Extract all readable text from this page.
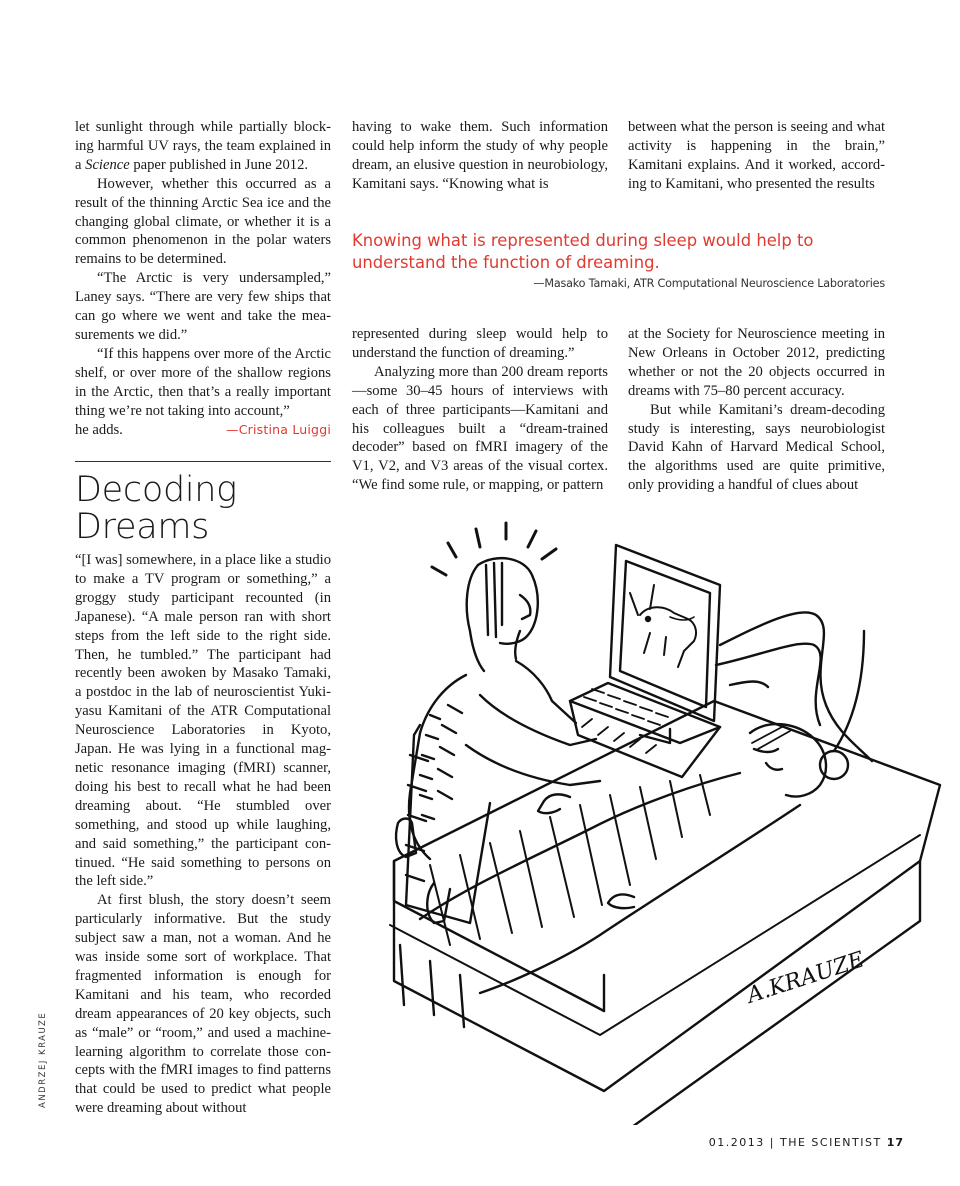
let sunlight through while partially blocking harmful UV rays, the team explained in a Science paper published in June 2012.

However, whether this occurred as a result of the thinning Arctic Sea ice and the changing global climate, or whether it is a common phenomenon in the polar waters remains to be determined.

“The Arctic is very undersampled,” Laney says. “There are very few ships that can go where we went and take the measurements we did.”

“If this happens over more of the Arctic shelf, or over more of the shallow regions in the Arctic, then that’s a really important thing we’re not taking into account,”

he adds.	—Cristina Luiggi
Decoding
Dreams

“[I was] somewhere, in a place like a studio to make a TV program or something,” a groggy study participant recounted (in Japanese). “A male person ran with short steps from the left side to the right side. Then, he tumbled.” The participant had recently been awoken by Masako Tamaki, a postdoc in the lab of neuroscientist Yukiyasu Kamitani of the ATR Computational Neuroscience Laboratories in Kyoto, Japan. He was lying in a functional magnetic resonance imaging (fMRI) scanner, doing his best to recall what he had been dreaming about. “He stumbled over something, and stood up while laughing, and said something,” the participant continued. “He said something to persons on the left side.”

At first blush, the story doesn’t seem particularly informative. But the study subject saw a man, not a woman. And he was inside some sort of workplace. That fragmented information is enough for Kamitani and his team, who recorded dream appearances of 20 key objects, such as “male” or “room,” and used a machine-learning algorithm to correlate those concepts with the fMRI images to find patterns that could be used to predict what people were dreaming about without

having to wake them. Such information could help inform the study of why people dream, an elusive question in neurobiology, Kamitani says. “Knowing what is

between what the person is seeing and what activity is happening in the brain,” Kamitani explains. And it worked, according to Kamitani, who presented the results

Knowing what is represented during sleep would help to understand the function of dreaming.

—Masako Tamaki, ATR Computational Neuroscience Laboratories

represented during sleep would help to understand the function of dreaming.”

Analyzing more than 200 dream reports—some 30–45 hours of interviews with each of three participants—Kamitani and his colleagues built a “dream-trained decoder” based on fMRI imagery of the V1, V2, and V3 areas of the visual cortex. “We find some rule, or mapping, or pattern

at the Society for Neuroscience meeting in New Orleans in October 2012, predicting whether or not the 20 objects occurred in dreams with 75–80 percent accuracy.

But while Kamitani’s dream-decoding study is interesting, says neurobiologist David Kahn of Harvard Medical School, the algorithms used are quite primitive, only providing a handful of clues about

ANDRZEJ KRAUZE
A.KRAUZE
01.2013 | THE SCIENTIST 17
